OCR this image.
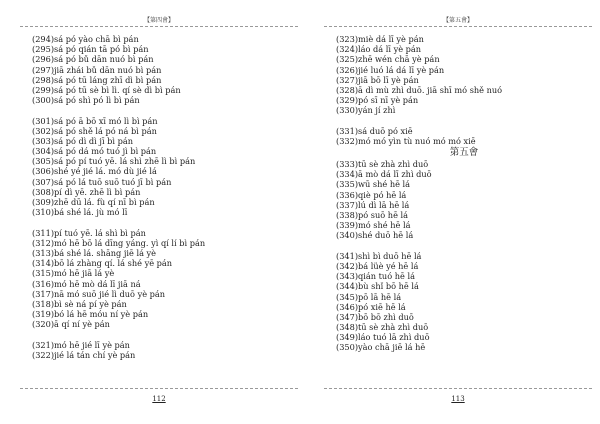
【第四會】
(294)sá pó yào chā bì pán
(295)sá pó qián tā pó bì pán
(296)sá pó bǔ dān nuó bì pán
(297)jiā zhái bǔ dān nuó bì pán
(298)sá pó tū láng zhī dì bì pán
(299)sá pó tū sè bì lì. qí sè dì bì pán
(300)sá pó shì pó lì bì pán
(301)sá pó ā bō xī mó lì bì pán
(302)sá pó shě lá pó ná bì pán
(303)sá pó dì dì jī bì pán
(304)sá pó dá mó tuó jì bì pán
(305)sá pó pí tuó yē. lá shì zhē lì bì pán
(306)shé yé jié lá. mó dù jié lá
(307)sá pó lá tuō suō tuó jī bì pán
(308)pí dì yē. zhē lì bì pán
(309)zhē dū lá. fù qí nī bì pán
(310)bá shé lá. jù mó lī
(311)pí tuó yē. lá shì bì pán
(312)mó hē bō lá dīng yáng. yì qí lí bì pán
(313)bá shé lá. shāng jiē lá yè
(314)bō lá zhàng qí. lá shé yē pán
(315)mó hē jiā lá yè
(316)mó hē mò dá lī jiā ná
(317)nā mó suō jié lì duō yè pán
(318)bì sè ná pí yè pán
(319)bó lá hē móu ní yè pán
(320)ā qí ní yè pán
(321)mó hē jié lī yè pán
(322)jié lá tán chí yè pán
112
【第五會】
(323)miè dá lī yè pán
(324)láo dá lī yè pán
(325)zhē wén chā yè pán
(326)jié luó lá dá lī yè pán
(327)jiā bō lī yè pán
(328)ā dì mù zhì duō. jiā shī mó shě nuó
(329)pó sī nī yè pán
(330)yán jí zhì
(331)sá duō pó xiē
(332)mó mó yìn tù nuó mó mó xiē
第五會
(333)tū sè zhà zhì duō
(334)ā mò dá lī zhì duō
(335)wū shé hē lá
(336)qiè pó hē lá
(337)lú dì lā hē lá
(338)pó suō hē lá
(339)mó shé hē lá
(340)shé duō hē lá
(341)shì bì duō hē lá
(342)bá lüè yé hē lá
(343)qián tuó hē lá
(344)bù shǐ bō hē lá
(345)pō lā hē lá
(346)pó xiē hē lá
(347)bō bō zhì duō
(348)tū sè zhà zhì duō
(349)láo tuó lā zhì duō
(350)yào chā jiē lá hē
113
